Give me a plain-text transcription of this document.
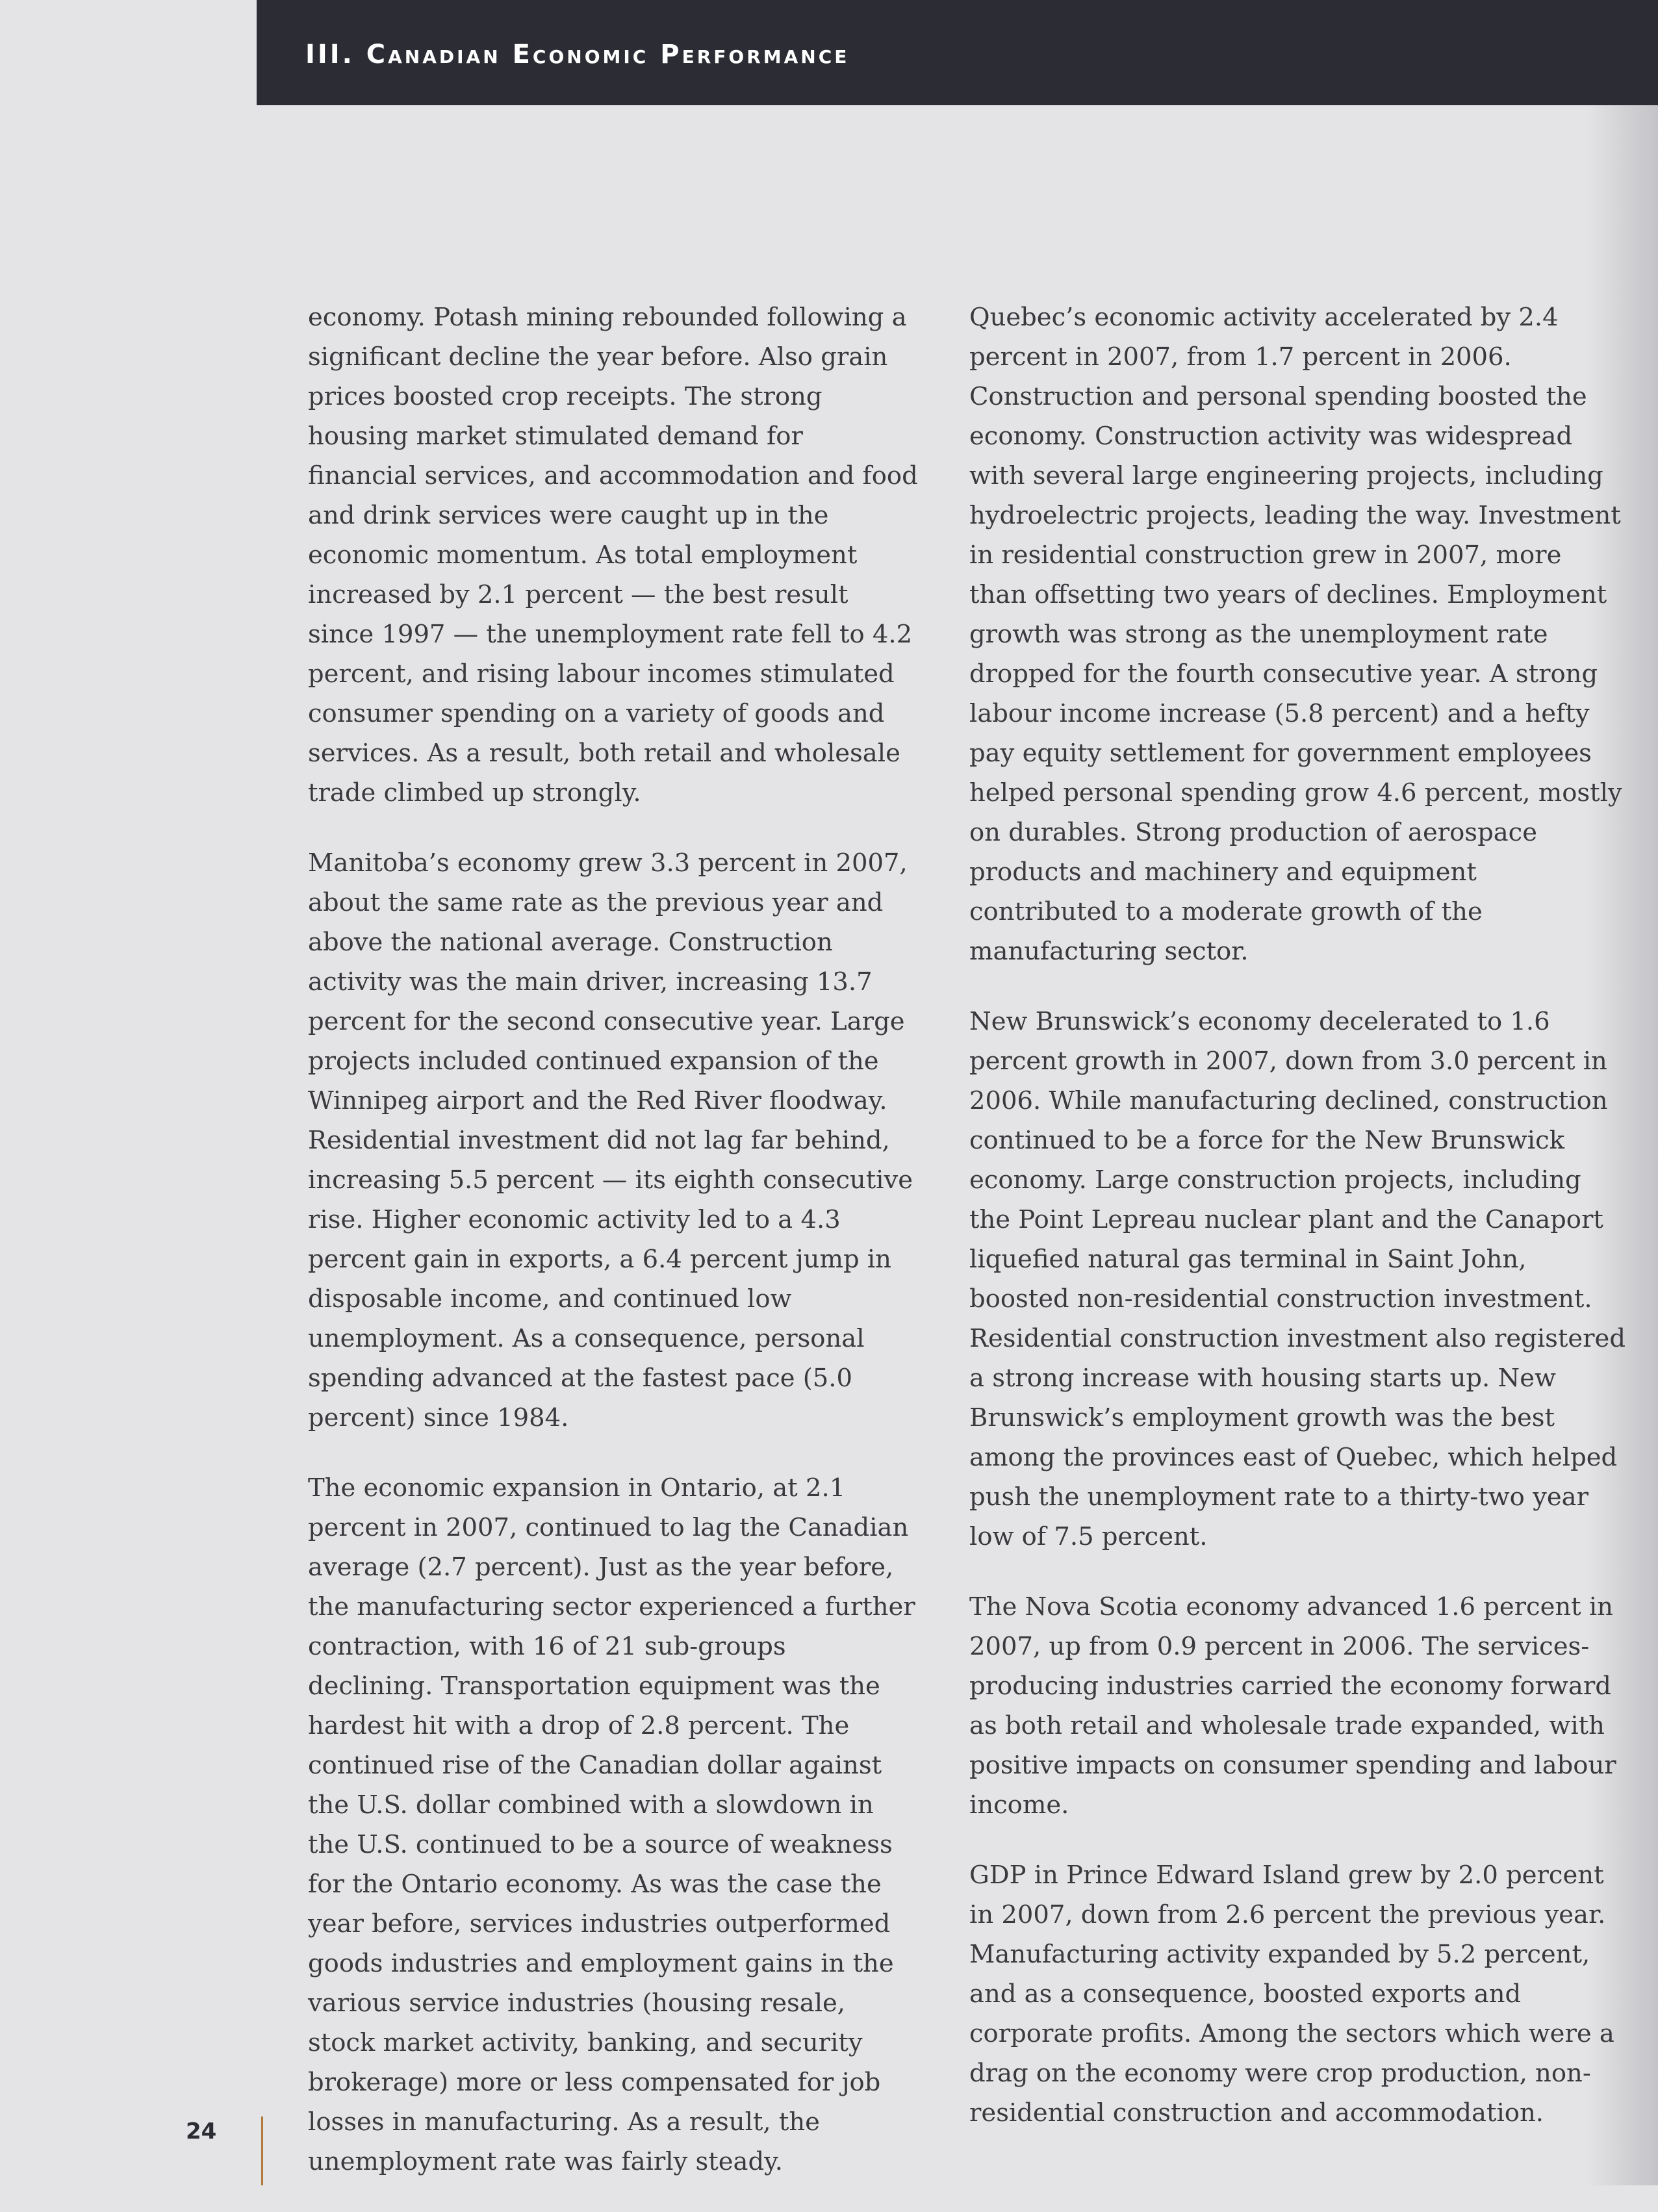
III. Canadian Economic Performance

economy. Potash mining rebounded following a significant decline the year before. Also grain prices boosted crop receipts. The strong housing market stimulated demand for financial services, and accommodation and food and drink services were caught up in the economic momentum. As total employment increased by 2.1 percent — the best result since 1997 — the unemployment rate fell to 4.2 percent, and rising labour incomes stimulated consumer spending on a variety of goods and services. As a result, both retail and wholesale trade climbed up strongly.

Manitoba’s economy grew 3.3 percent in 2007, about the same rate as the previous year and above the national average. Construction activity was the main driver, increasing 13.7 percent for the second consecutive year. Large projects included continued expansion of the Winnipeg airport and the Red River floodway. Residential investment did not lag far behind, increasing 5.5 percent — its eighth consecutive rise. Higher economic activity led to a 4.3 percent gain in exports, a 6.4 percent jump in disposable income, and continued low unemployment. As a consequence, personal spending advanced at the fastest pace (5.0 percent) since 1984.

The economic expansion in Ontario, at 2.1 percent in 2007, continued to lag the Canadian average (2.7 percent). Just as the year before, the manufacturing sector experienced a further contraction, with 16 of 21 sub-groups declining. Transportation equipment was the hardest hit with a drop of 2.8 percent. The continued rise of the Canadian dollar against the U.S. dollar combined with a slowdown in the U.S. continued to be a source of weakness for the Ontario economy. As was the case the year before, services industries outperformed goods industries and employment gains in the various service industries (housing resale, stock market activity, banking, and security brokerage) more or less compensated for job losses in manufacturing. As a result, the unemployment rate was fairly steady.

Quebec’s economic activity accelerated by 2.4 percent in 2007, from 1.7 percent in 2006. Construction and personal spending boosted the economy. Construction activity was widespread with several large engineering projects, including hydroelectric projects, leading the way. Investment in residential construction grew in 2007, more than offsetting two years of declines. Employment growth was strong as the unemployment rate dropped for the fourth consecutive year. A strong labour income increase (5.8 percent) and a hefty pay equity settlement for government employees helped personal spending grow 4.6 percent, mostly on durables. Strong production of aerospace products and machinery and equipment contributed to a moderate growth of the manufacturing sector.

New Brunswick’s economy decelerated to 1.6 percent growth in 2007, down from 3.0 percent in 2006. While manufacturing declined, construction continued to be a force for the New Brunswick economy. Large construction projects, including the Point Lepreau nuclear plant and the Canaport liquefied natural gas terminal in Saint John, boosted non-residential construction investment. Residential construction investment also registered a strong increase with housing starts up. New Brunswick’s employment growth was the best among the provinces east of Quebec, which helped push the unemployment rate to a thirty-two year low of 7.5 percent.

The Nova Scotia economy advanced 1.6 percent in 2007, up from 0.9 percent in 2006. The services-producing industries carried the economy forward as both retail and wholesale trade expanded, with positive impacts on consumer spending and labour income.

GDP in Prince Edward Island grew by 2.0 percent in 2007, down from 2.6 percent the previous year. Manufacturing activity expanded by 5.2 percent, and as a consequence, boosted exports and corporate profits. Among the sectors which were a drag on the economy were crop production, non-residential construction and accommodation.

24
